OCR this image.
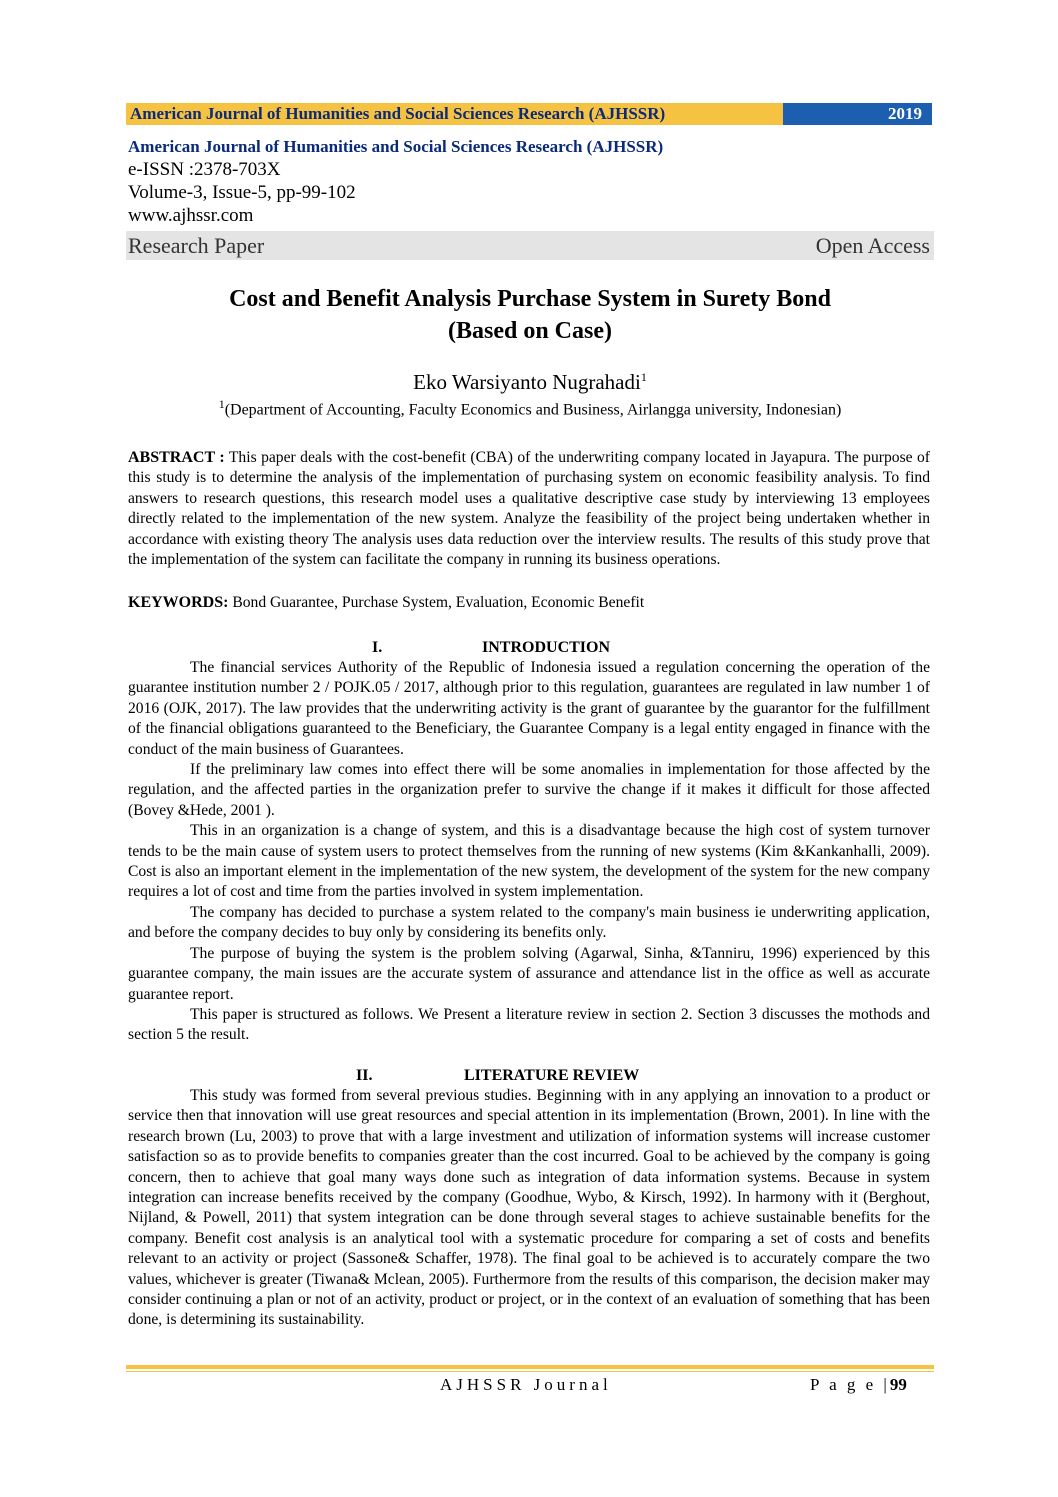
American Journal of Humanities and Social Sciences Research (AJHSSR)	2019
American Journal of Humanities and Social Sciences Research (AJHSSR)
e-ISSN :2378-703X
Volume-3, Issue-5, pp-99-102
www.ajhssr.com
Research Paper	Open Access
Cost and Benefit Analysis Purchase System in Surety Bond
(Based on Case)
Eko Warsiyanto Nugrahadi$^1$
$^1$(Department of Accounting, Faculty Economics and Business, Airlangga university, Indonesian)
ABSTRACT : This paper deals with the cost-benefit (CBA) of the underwriting company located in Jayapura. The purpose of this study is to determine the analysis of the implementation of purchasing system on economic feasibility analysis. To find answers to research questions, this research model uses a qualitative descriptive case study by interviewing 13 employees directly related to the implementation of the new system. Analyze the feasibility of the project being undertaken whether in accordance with existing theory The analysis uses data reduction over the interview results. The results of this study prove that the implementation of the system can facilitate the company in running its business operations.
KEYWORDS: Bond Guarantee, Purchase System, Evaluation, Economic Benefit
I.	INTRODUCTION

The financial services Authority of the Republic of Indonesia issued a regulation concerning the operation of the guarantee institution number 2 / POJK.05 / 2017, although prior to this regulation, guarantees are regulated in law number 1 of 2016 (OJK, 2017). The law provides that the underwriting activity is the grant of guarantee by the guarantor for the fulfillment of the financial obligations guaranteed to the Beneficiary, the Guarantee Company is a legal entity engaged in finance with the conduct of the main business of Guarantees.

If the preliminary law comes into effect there will be some anomalies in implementation for those affected by the regulation, and the affected parties in the organization prefer to survive the change if it makes it difficult for those affected (Bovey &Hede, 2001 ).

This in an organization is a change of system, and this is a disadvantage because the high cost of system turnover tends to be the main cause of system users to protect themselves from the running of new systems (Kim &Kankanhalli, 2009). Cost is also an important element in the implementation of the new system, the development of the system for the new company requires a lot of cost and time from the parties involved in system implementation.

The company has decided to purchase a system related to the company's main business ie underwriting application, and before the company decides to buy only by considering its benefits only.

The purpose of buying the system is the problem solving (Agarwal, Sinha, &Tanniru, 1996) experienced by this guarantee company, the main issues are the accurate system of assurance and attendance list in the office as well as accurate guarantee report.

This paper is structured as follows. We Present a literature review in section 2. Section 3 discusses the mothods and section 5 the result.

II.	LITERATURE REVIEW

This study was formed from several previous studies. Beginning with in any applying an innovation to a product or service then that innovation will use great resources and special attention in its implementation (Brown, 2001). In line with the research brown (Lu, 2003) to prove that with a large investment and utilization of information systems will increase customer satisfaction so as to provide benefits to companies greater than the cost incurred. Goal to be achieved by the company is going concern, then to achieve that goal many ways done such as integration of data information systems. Because in system integration can increase benefits received by the company (Goodhue, Wybo, & Kirsch, 1992). In harmony with it (Berghout, Nijland, & Powell, 2011) that system integration can be done through several stages to achieve sustainable benefits for the company. Benefit cost analysis is an analytical tool with a systematic procedure for comparing a set of costs and benefits relevant to an activity or project (Sassone& Schaffer, 1978). The final goal to be achieved is to accurately compare the two values, whichever is greater (Tiwana& Mclean, 2005). Furthermore from the results of this comparison, the decision maker may consider continuing a plan or not of an activity, product or project, or in the context of an evaluation of something that has been done, is determining its sustainability.

AJHSSR Journal	P a g e |99
